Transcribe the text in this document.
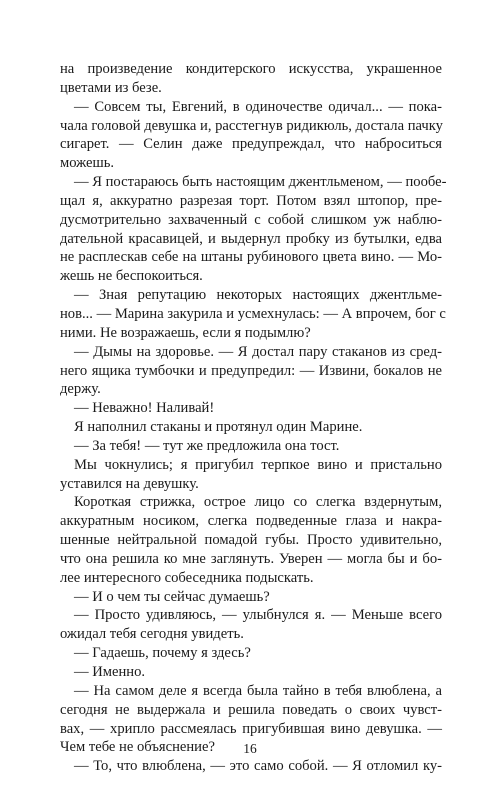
на произведение кондитерского искусства, украшенное
цветами из безе.
— Совсем ты, Евгений, в одиночестве одичал... — пока-
чала головой девушка и, расстегнув ридикюль, достала пачку
сигарет. — Селин даже предупреждал, что наброситься
можешь.
— Я постараюсь быть настоящим джентльменом, — пообе-
щал я, аккуратно разрезая торт. Потом взял штопор, пре-
дусмотрительно захваченный с собой слишком уж наблю-
дательной красавицей, и выдернул пробку из бутылки, едва
не расплескав себе на штаны рубинового цвета вино. — Мо-
жешь не беспокоиться.
— Зная репутацию некоторых настоящих джентльме-
нов... — Марина закурила и усмехнулась: — А впрочем, бог с
ними. Не возражаешь, если я подымлю?
— Дымы на здоровье. — Я достал пару стаканов из сред-
него ящика тумбочки и предупредил: — Извини, бокалов не
держу.
— Неважно! Наливай!
Я наполнил стаканы и протянул один Марине.
— За тебя! — тут же предложила она тост.
Мы чокнулись; я пригубил терпкое вино и пристально
уставился на девушку.
Короткая стрижка, острое лицо со слегка вздернутым,
аккуратным носиком, слегка подведенные глаза и накра-
шенные нейтральной помадой губы. Просто удивительно,
что она решила ко мне заглянуть. Уверен — могла бы и бо-
лее интересного собеседника подыскать.
— И о чем ты сейчас думаешь?
— Просто удивляюсь, — улыбнулся я. — Меньше всего
ожидал тебя сегодня увидеть.
— Гадаешь, почему я здесь?
— Именно.
— На самом деле я всегда была тайно в тебя влюблена, а
сегодня не выдержала и решила поведать о своих чувст-
вах, — хрипло рассмеялась пригубившая вино девушка. —
Чем тебе не объяснение?
— То, что влюблена, — это само собой. — Я отломил ку-
16
